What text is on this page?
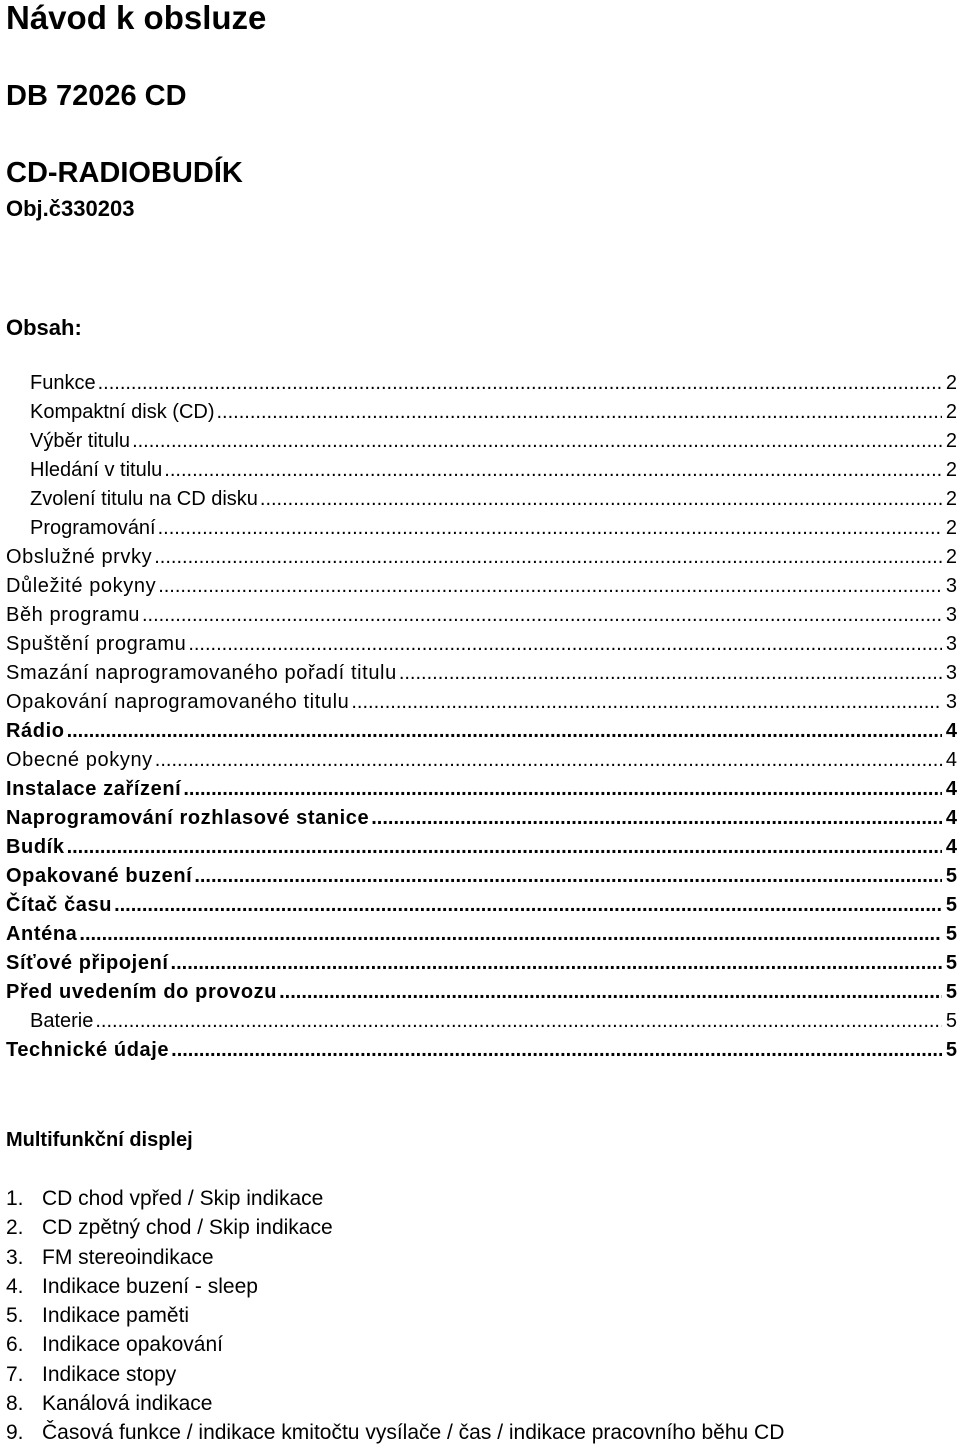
Návod k obsluze
DB 72026 CD
CD-RADIOBUDÍK
Obj.č330203
Obsah:
Funkce .....	2
Kompaktní disk (CD) .....	2
Výběr titulu .....	2
Hledání v titulu .....	2
Zvolení titulu na CD disku .....	2
Programování .....	2
Obslužné prvky .....	2
Důležité pokyny .....	3
Běh programu .....	3
Spuštění programu .....	3
Smazání naprogramovaného pořadí titulu .....	3
Opakování naprogramovaného titulu .....	3
Rádio .....	4
Obecné pokyny .....	4
Instalace zařízení .....	4
Naprogramování rozhlasové stanice .....	4
Budík .....	4
Opakované buzení .....	5
Čítač času .....	5
Anténa .....	5
Síťové připojení .....	5
Před uvedením do provozu .....	5
Baterie .....	5
Technické údaje .....	5
Multifunkční displej
1. CD chod vpřed / Skip indikace
2. CD zpětný chod / Skip indikace
3. FM stereoindikace
4. Indikace buzení - sleep
5. Indikace paměti
6. Indikace opakování
7. Indikace stopy
8. Kanálová indikace
9. Časová funkce / indikace kmitočtu vysílače / čas / indikace pracovního běhu CD
